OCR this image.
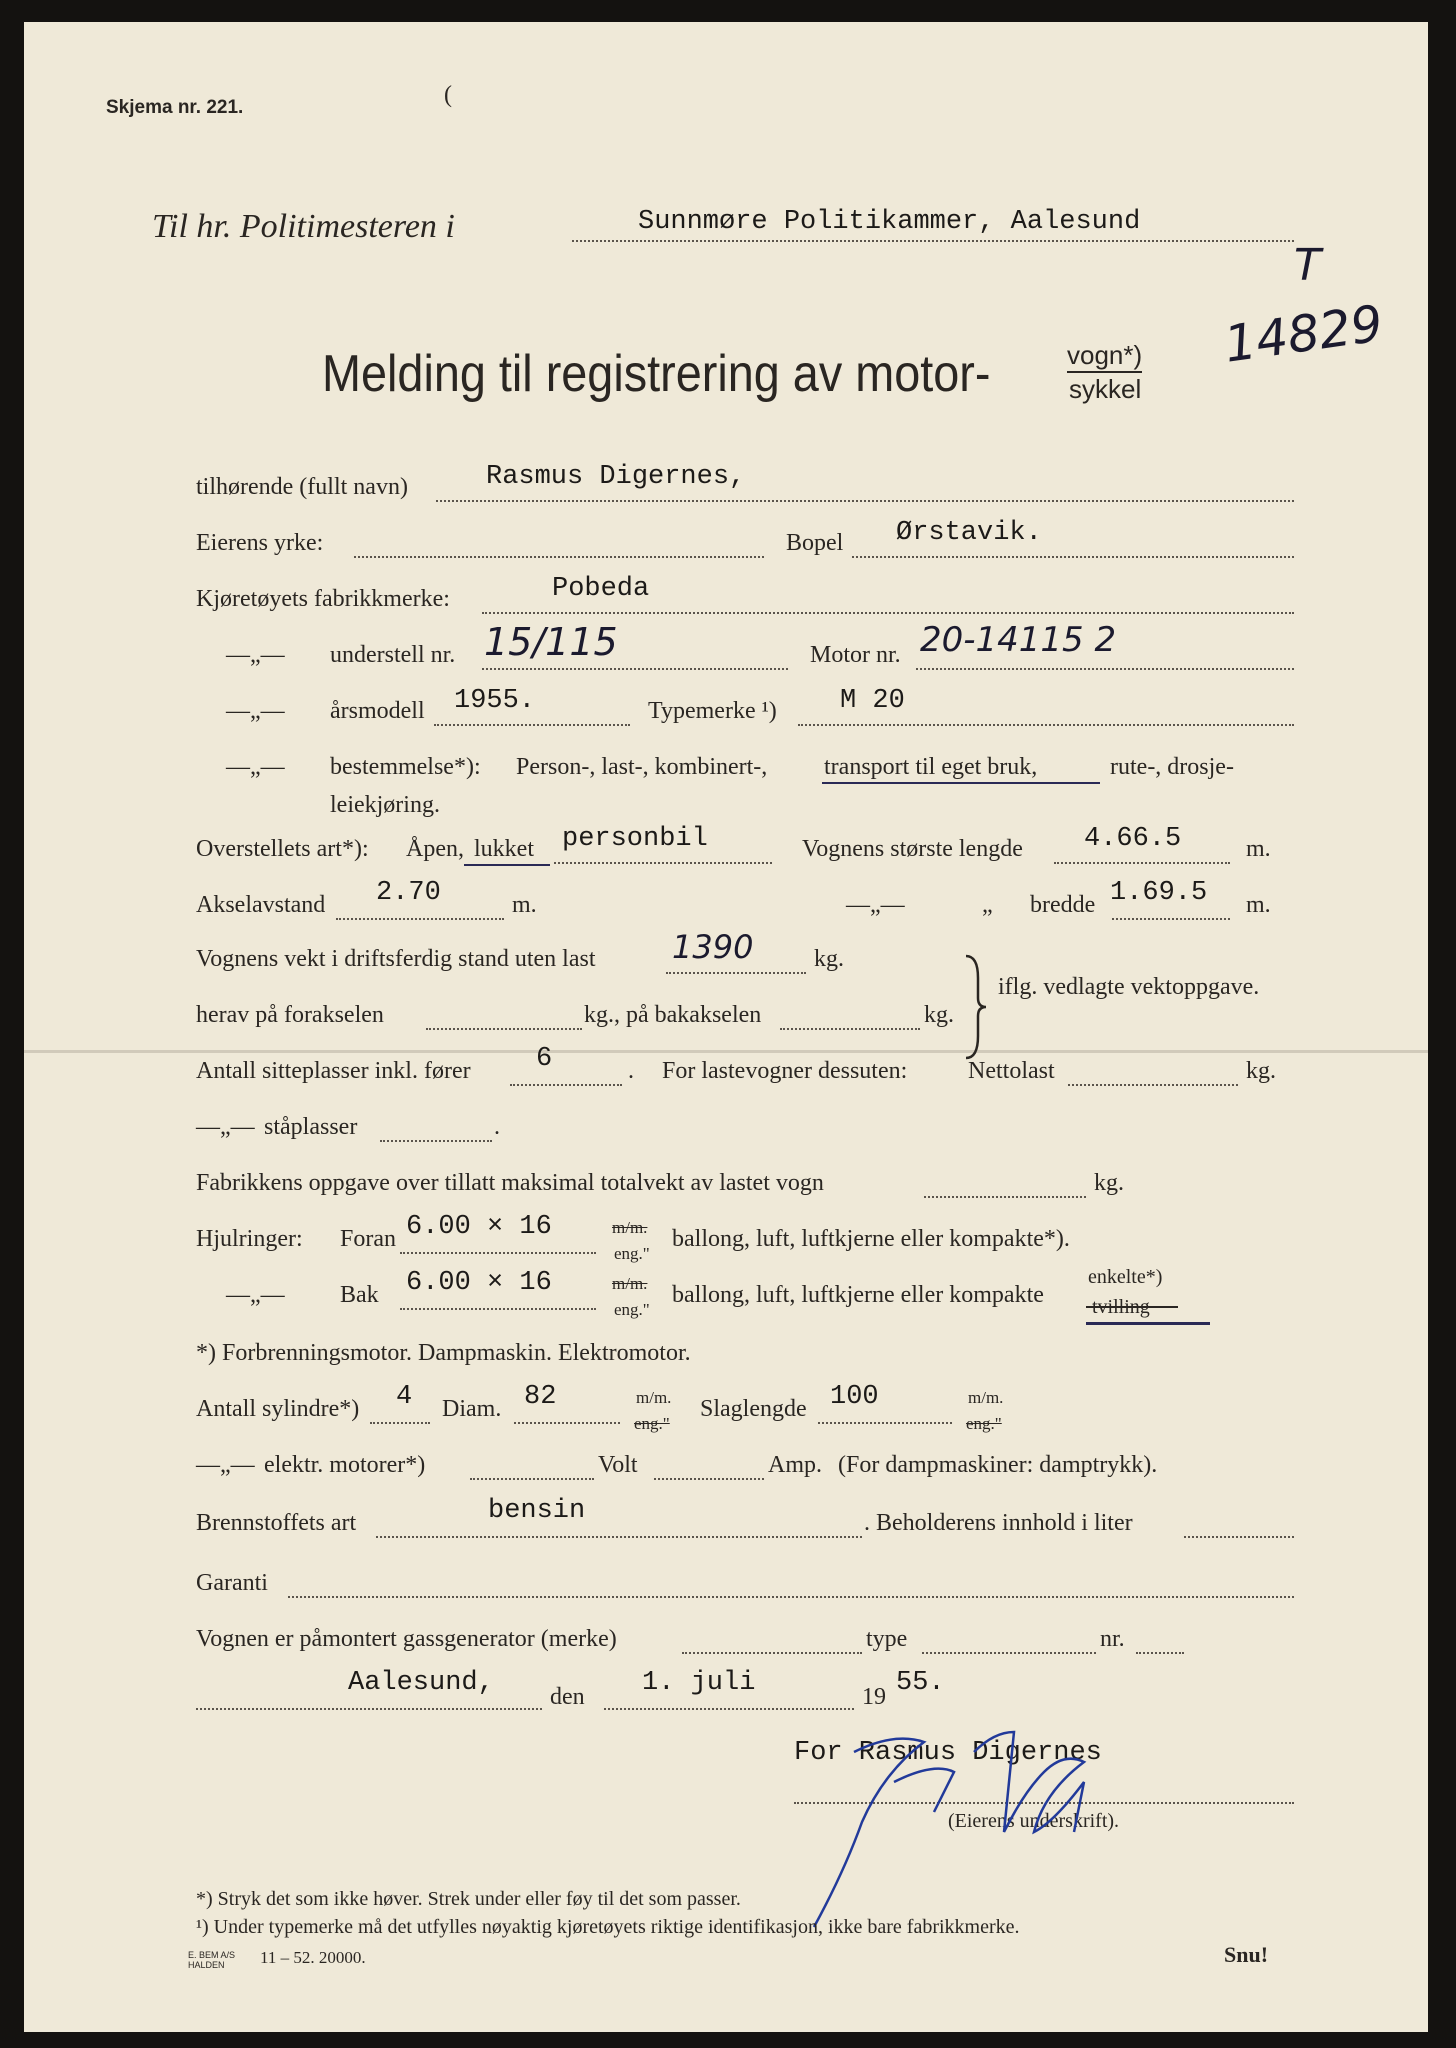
Skjema nr. 221.	(
Til hr. Politimesteren i	Sunnmøre Politikammer, Aalesund
T
14829
Melding til registrering av motor-	vogn*)
sykkel
tilhørende (fullt navn)	Rasmus Digernes,
Eierens yrke:	Bopel Ørstavik.
Kjøretøyets fabrikkmerke:	Pobeda
—„— understell nr. 15/115	Motor nr. 20-14115 2
—„— årsmodell 1955.	Typemerke ¹) M 20
—„— bestemmelse*): Person-, last-, kombinert-, transport til eget bruk,	rute-, drosje-
leiekjøring.
Overstellets art*): Åpen, lukket personbil	Vognens største lengde 4.66.5	m.
Akselavstand 2.70	m.	—„—	„ bredde 1.69.5 m.
Vognens vekt i driftsferdig stand uten last 1390	kg.
herav på forakselen	kg., på bakakselen	kg.
iflg. vedlagte vektoppgave.
Antall sitteplasser inkl. fører 6	. For lastevogner dessuten:	Nettolast	kg.
—„— ståplasser	.
Fabrikkens oppgave over tillatt maksimal totalvekt av lastet vogn	kg.
Hjulringer: Foran 6.00 × 16	m/m.
eng."
ballong, luft, luftkjerne eller kompakte*).
—„— Bak 6.00 × 16	m/m.
eng."
ballong, luft, luftkjerne eller kompakte
enkelte*)
tvilling
*) Forbrenningsmotor. Dampmaskin. Elektromotor.
Antall sylindre*) 4 Diam. 82	m/m.
eng."
Slaglengde 100	m/m.
eng."
—„— elektr. motorer*)	Volt	Amp. (For dampmaskiner: damptrykk).
Brennstoffets art	bensin	. Beholderens innhold i liter
Garanti
Vognen er påmontert gassgenerator (merke)	type	nr.
Aalesund, den 1. juli	19 55.
For Rasmus Digernes
(Eierens underskrift).
*) Stryk det som ikke høver. Strek under eller føy til det som passer.
¹) Under typemerke må det utfylles nøyaktig kjøretøyets riktige identifikasjon, ikke bare fabrikkmerke.
E. BEM A/S
HALDEN	11 – 52. 20000.	Snu!
